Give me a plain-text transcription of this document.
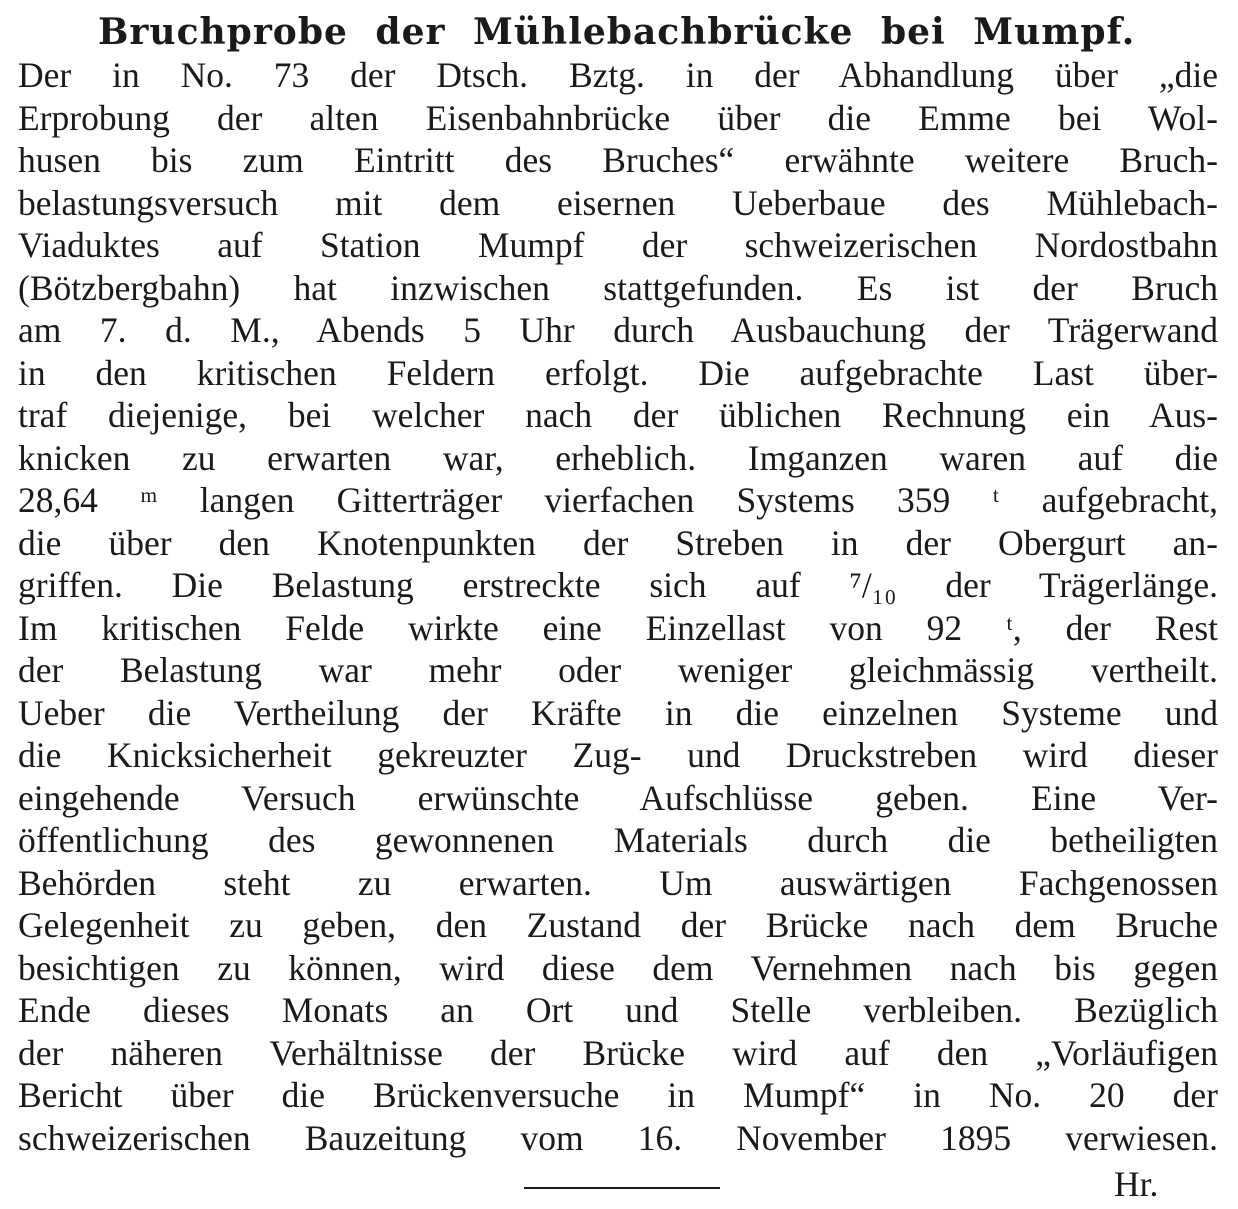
Bruchprobe der Mühlebachbrücke bei Mumpf.
Der in No. 73 der Dtsch. Bztg. in der Abhandlung über „die
Erprobung der alten Eisenbahnbrücke über die Emme bei Wol-
husen bis zum Eintritt des Bruches“ erwähnte weitere Bruch-
belastungsversuch mit dem eisernen Ueberbaue des Mühlebach-
Viaduktes auf Station Mumpf der schweizerischen Nordostbahn
(Bötzbergbahn) hat inzwischen stattgefunden. Es ist der Bruch
am 7. d. M., Abends 5 Uhr durch Ausbauchung der Trägerwand
in den kritischen Feldern erfolgt. Die aufgebrachte Last über-
traf diejenige, bei welcher nach der üblichen Rechnung ein Aus-
knicken zu erwarten war, erheblich. Imganzen waren auf die
28,64 ᵐ langen Gitterträger vierfachen Systems 359 ᵗ aufgebracht,
die über den Knotenpunkten der Streben in der Obergurt an-
griffen. Die Belastung erstreckte sich auf ⁷/₁₀ der Trägerlänge.
Im kritischen Felde wirkte eine Einzellast von 92 ᵗ, der Rest
der Belastung war mehr oder weniger gleichmässig vertheilt.
Ueber die Vertheilung der Kräfte in die einzelnen Systeme und
die Knicksicherheit gekreuzter Zug- und Druckstreben wird dieser
eingehende Versuch erwünschte Aufschlüsse geben. Eine Ver-
öffentlichung des gewonnenen Materials durch die betheiligten
Behörden steht zu erwarten. Um auswärtigen Fachgenossen
Gelegenheit zu geben, den Zustand der Brücke nach dem Bruche
besichtigen zu können, wird diese dem Vernehmen nach bis gegen
Ende dieses Monats an Ort und Stelle verbleiben. Bezüglich
der näheren Verhältnisse der Brücke wird auf den „Vorläufigen
Bericht über die Brückenversuche in Mumpf“ in No. 20 der
schweizerischen Bauzeitung vom 16. November 1895 verwiesen.
Hr.
